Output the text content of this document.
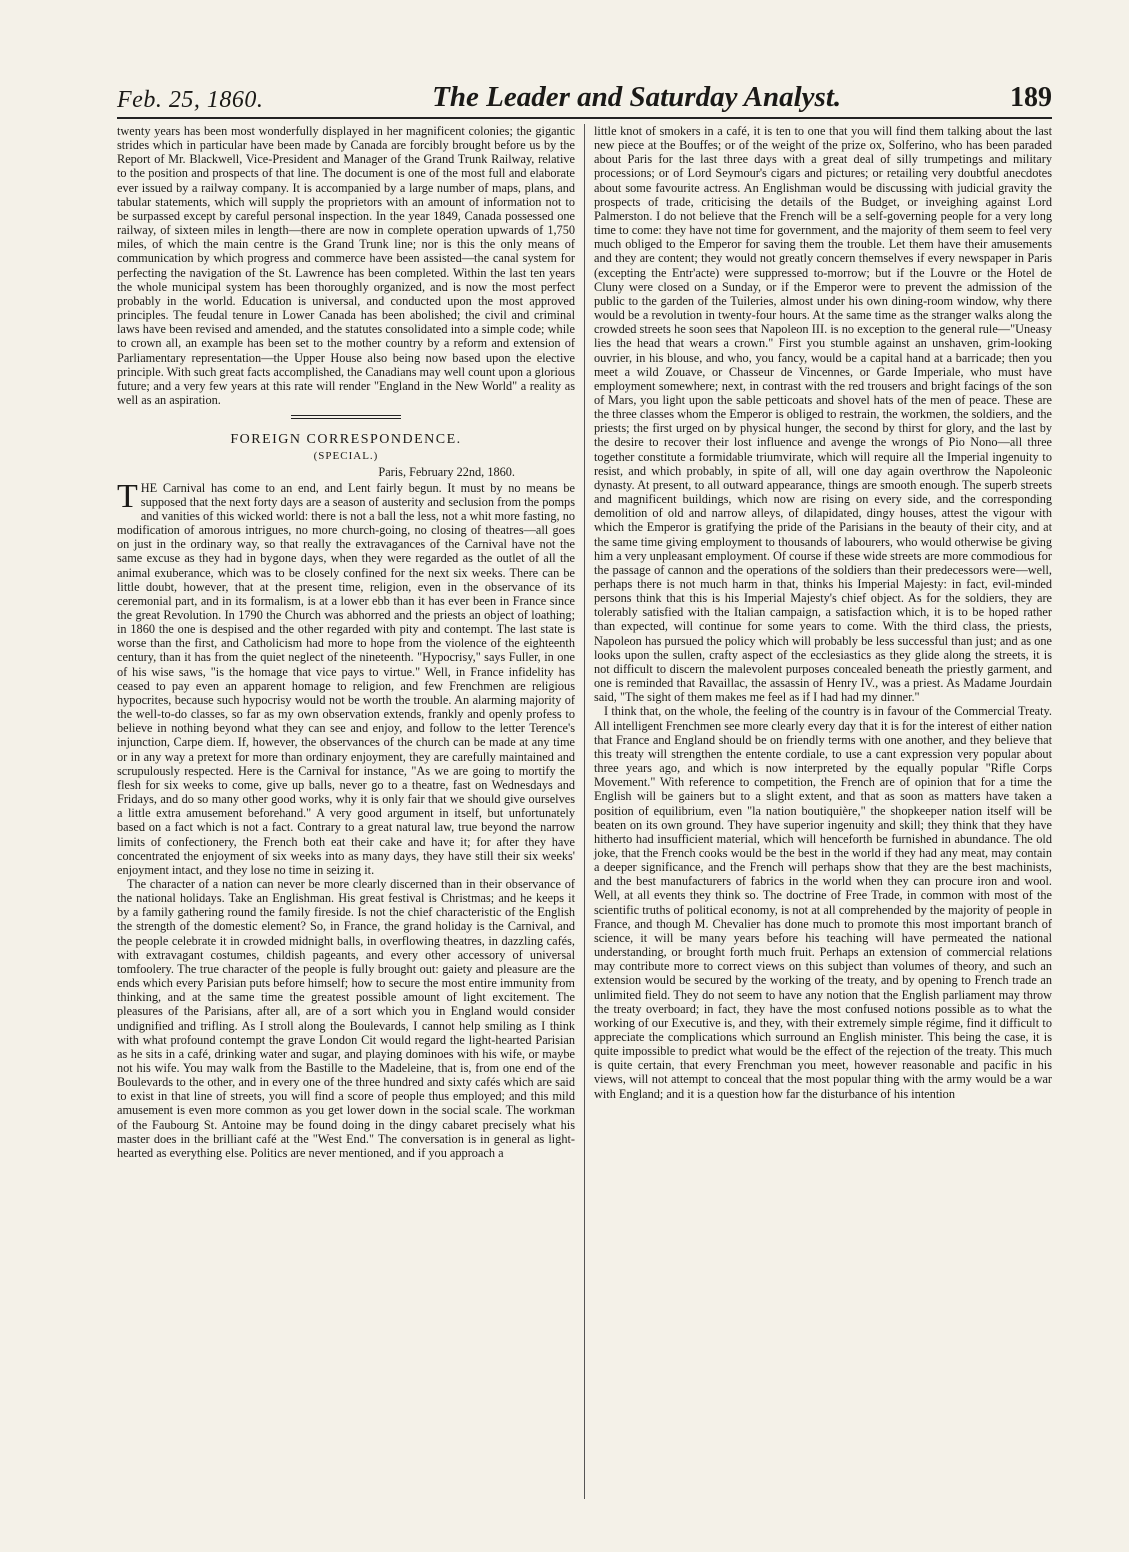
Feb. 25, 1860.	The Leader and Saturday Analyst.	189

twenty years has been most wonderfully displayed in her magnificent colonies; the gigantic strides which in particular have been made by Canada are forcibly brought before us by the Report of Mr. Blackwell, Vice-President and Manager of the Grand Trunk Railway, relative to the position and prospects of that line. The document is one of the most full and elaborate ever issued by a railway company. It is accompanied by a large number of maps, plans, and tabular statements, which will supply the proprietors with an amount of information not to be surpassed except by careful personal inspection. In the year 1849, Canada possessed one railway, of sixteen miles in length—there are now in complete operation upwards of 1,750 miles, of which the main centre is the Grand Trunk line; nor is this the only means of communication by which progress and commerce have been assisted—the canal system for perfecting the navigation of the St. Lawrence has been completed. Within the last ten years the whole municipal system has been thoroughly organized, and is now the most perfect probably in the world. Education is universal, and conducted upon the most approved principles. The feudal tenure in Lower Canada has been abolished; the civil and criminal laws have been revised and amended, and the statutes consolidated into a simple code; while to crown all, an example has been set to the mother country by a reform and extension of Parliamentary representation—the Upper House also being now based upon the elective principle. With such great facts accomplished, the Canadians may well count upon a glorious future; and a very few years at this rate will render "England in the New World" a reality as well as an aspiration.

FOREIGN CORRESPONDENCE.
(SPECIAL.)
Paris, February 22nd, 1860.

THE Carnival has come to an end, and Lent fairly begun. It must by no means be supposed that the next forty days are a season of austerity and seclusion from the pomps and vanities of this wicked world: there is not a ball the less, not a whit more fasting, no modification of amorous intrigues, no more church-going, no closing of theatres—all goes on just in the ordinary way, so that really the extravagances of the Carnival have not the same excuse as they had in bygone days, when they were regarded as the outlet of all the animal exuberance, which was to be closely confined for the next six weeks. There can be little doubt, however, that at the present time, religion, even in the observance of its ceremonial part, and in its formalism, is at a lower ebb than it has ever been in France since the great Revolution. In 1790 the Church was abhorred and the priests an object of loathing; in 1860 the one is despised and the other regarded with pity and contempt. The last state is worse than the first, and Catholicism had more to hope from the violence of the eighteenth century, than it has from the quiet neglect of the nineteenth. "Hypocrisy," says Fuller, in one of his wise saws, "is the homage that vice pays to virtue." Well, in France infidelity has ceased to pay even an apparent homage to religion, and few Frenchmen are religious hypocrites, because such hypocrisy would not be worth the trouble. An alarming majority of the well-to-do classes, so far as my own observation extends, frankly and openly profess to believe in nothing beyond what they can see and enjoy, and follow to the letter Terence's injunction, Carpe diem. If, however, the observances of the church can be made at any time or in any way a pretext for more than ordinary enjoyment, they are carefully maintained and scrupulously respected. Here is the Carnival for instance, "As we are going to mortify the flesh for six weeks to come, give up balls, never go to a theatre, fast on Wednesdays and Fridays, and do so many other good works, why it is only fair that we should give ourselves a little extra amusement beforehand." A very good argument in itself, but unfortunately based on a fact which is not a fact. Contrary to a great natural law, true beyond the narrow limits of confectionery, the French both eat their cake and have it; for after they have concentrated the enjoyment of six weeks into as many days, they have still their six weeks' enjoyment intact, and they lose no time in seizing it.

The character of a nation can never be more clearly discerned than in their observance of the national holidays. Take an Englishman. His great festival is Christmas; and he keeps it by a family gathering round the family fireside. Is not the chief characteristic of the English the strength of the domestic element? So, in France, the grand holiday is the Carnival, and the people celebrate it in crowded midnight balls, in overflowing theatres, in dazzling cafés, with extravagant costumes, childish pageants, and every other accessory of universal tomfoolery. The true character of the people is fully brought out: gaiety and pleasure are the ends which every Parisian puts before himself; how to secure the most entire immunity from thinking, and at the same time the greatest possible amount of light excitement. The pleasures of the Parisians, after all, are of a sort which you in England would consider undignified and trifling. As I stroll along the Boulevards, I cannot help smiling as I think with what profound contempt the grave London Cit would regard the light-hearted Parisian as he sits in a café, drinking water and sugar, and playing dominoes with his wife, or maybe not his wife. You may walk from the Bastille to the Madeleine, that is, from one end of the Boulevards to the other, and in every one of the three hundred and sixty cafés which are said to exist in that line of streets, you will find a score of people thus employed; and this mild amusement is even more common as you get lower down in the social scale. The workman of the Faubourg St. Antoine may be found doing in the dingy cabaret precisely what his master does in the brilliant café at the "West End." The conversation is in general as light-hearted as everything else. Politics are never mentioned, and if you approach a

little knot of smokers in a café, it is ten to one that you will find them talking about the last new piece at the Bouffes; or of the weight of the prize ox, Solferino, who has been paraded about Paris for the last three days with a great deal of silly trumpetings and military processions; or of Lord Seymour's cigars and pictures; or retailing very doubtful anecdotes about some favourite actress. An Englishman would be discussing with judicial gravity the prospects of trade, criticising the details of the Budget, or inveighing against Lord Palmerston. I do not believe that the French will be a self-governing people for a very long time to come: they have not time for government, and the majority of them seem to feel very much obliged to the Emperor for saving them the trouble. Let them have their amusements and they are content; they would not greatly concern themselves if every newspaper in Paris (excepting the Entr'acte) were suppressed to-morrow; but if the Louvre or the Hotel de Cluny were closed on a Sunday, or if the Emperor were to prevent the admission of the public to the garden of the Tuileries, almost under his own dining-room window, why there would be a revolution in twenty-four hours. At the same time as the stranger walks along the crowded streets he soon sees that Napoleon III. is no exception to the general rule—"Uneasy lies the head that wears a crown." First you stumble against an unshaven, grim-looking ouvrier, in his blouse, and who, you fancy, would be a capital hand at a barricade; then you meet a wild Zouave, or Chasseur de Vincennes, or Garde Imperiale, who must have employment somewhere; next, in contrast with the red trousers and bright facings of the son of Mars, you light upon the sable petticoats and shovel hats of the men of peace. These are the three classes whom the Emperor is obliged to restrain, the workmen, the soldiers, and the priests; the first urged on by physical hunger, the second by thirst for glory, and the last by the desire to recover their lost influence and avenge the wrongs of Pio Nono—all three together constitute a formidable triumvirate, which will require all the Imperial ingenuity to resist, and which probably, in spite of all, will one day again overthrow the Napoleonic dynasty. At present, to all outward appearance, things are smooth enough. The superb streets and magnificent buildings, which now are rising on every side, and the corresponding demolition of old and narrow alleys, of dilapidated, dingy houses, attest the vigour with which the Emperor is gratifying the pride of the Parisians in the beauty of their city, and at the same time giving employment to thousands of labourers, who would otherwise be giving him a very unpleasant employment. Of course if these wide streets are more commodious for the passage of cannon and the operations of the soldiers than their predecessors were—well, perhaps there is not much harm in that, thinks his Imperial Majesty: in fact, evil-minded persons think that this is his Imperial Majesty's chief object. As for the soldiers, they are tolerably satisfied with the Italian campaign, a satisfaction which, it is to be hoped rather than expected, will continue for some years to come. With the third class, the priests, Napoleon has pursued the policy which will probably be less successful than just; and as one looks upon the sullen, crafty aspect of the ecclesiastics as they glide along the streets, it is not difficult to discern the malevolent purposes concealed beneath the priestly garment, and one is reminded that Ravaillac, the assassin of Henry IV., was a priest. As Madame Jourdain said, "The sight of them makes me feel as if I had had my dinner."

I think that, on the whole, the feeling of the country is in favour of the Commercial Treaty. All intelligent Frenchmen see more clearly every day that it is for the interest of either nation that France and England should be on friendly terms with one another, and they believe that this treaty will strengthen the entente cordiale, to use a cant expression very popular about three years ago, and which is now interpreted by the equally popular "Rifle Corps Movement." With reference to competition, the French are of opinion that for a time the English will be gainers but to a slight extent, and that as soon as matters have taken a position of equilibrium, even "la nation boutiquière," the shopkeeper nation itself will be beaten on its own ground. They have superior ingenuity and skill; they think that they have hitherto had insufficient material, which will henceforth be furnished in abundance. The old joke, that the French cooks would be the best in the world if they had any meat, may contain a deeper significance, and the French will perhaps show that they are the best machinists, and the best manufacturers of fabrics in the world when they can procure iron and wool. Well, at all events they think so. The doctrine of Free Trade, in common with most of the scientific truths of political economy, is not at all comprehended by the majority of people in France, and though M. Chevalier has done much to promote this most important branch of science, it will be many years before his teaching will have permeated the national understanding, or brought forth much fruit. Perhaps an extension of commercial relations may contribute more to correct views on this subject than volumes of theory, and such an extension would be secured by the working of the treaty, and by opening to French trade an unlimited field. They do not seem to have any notion that the English parliament may throw the treaty overboard; in fact, they have the most confused notions possible as to what the working of our Executive is, and they, with their extremely simple régime, find it difficult to appreciate the complications which surround an English minister. This being the case, it is quite impossible to predict what would be the effect of the rejection of the treaty. This much is quite certain, that every Frenchman you meet, however reasonable and pacific in his views, will not attempt to conceal that the most popular thing with the army would be a war with England; and it is a question how far the disturbance of his intention
